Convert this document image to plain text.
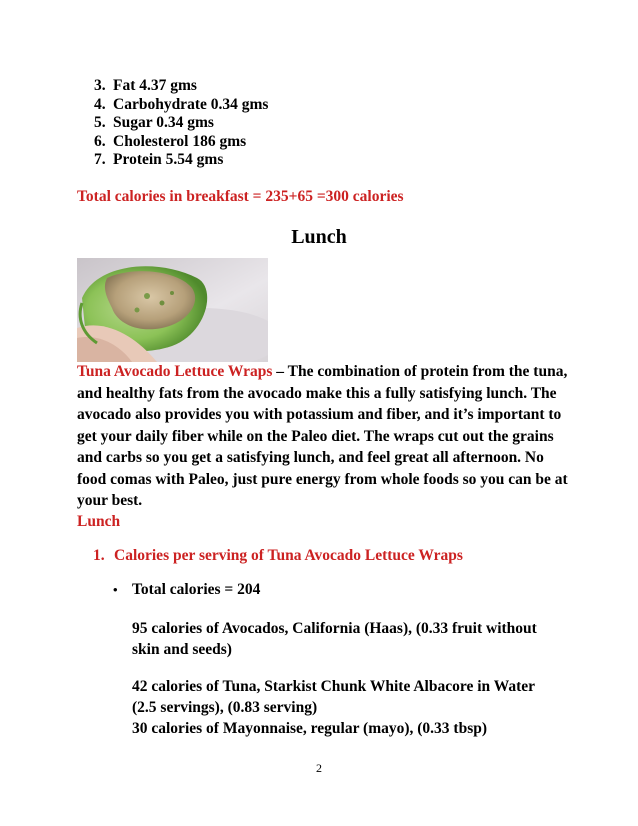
3. Fat 4.37 gms
4. Carbohydrate 0.34 gms
5. Sugar 0.34 gms
6. Cholesterol 186 gms
7. Protein 5.54 gms
Total calories in breakfast = 235+65 =300 calories
Lunch
Tuna Avocado Lettuce Wraps – The combination of protein from the tuna, and healthy fats from the avocado make this a fully satisfying lunch. The avocado also provides you with potassium and fiber, and it’s important to get your daily fiber while on the Paleo diet. The wraps cut out the grains and carbs so you get a satisfying lunch, and feel great all afternoon. No food comas with Paleo, just pure energy from whole foods so you can be at your best.
Lunch
1. Calories per serving of Tuna Avocado Lettuce Wraps
• Total calories = 204
95 calories of Avocados, California (Haas), (0.33 fruit without skin and seeds)
42 calories of Tuna, Starkist Chunk White Albacore in Water (2.5 servings), (0.83 serving)
30 calories of Mayonnaise, regular (mayo), (0.33 tbsp)
2
